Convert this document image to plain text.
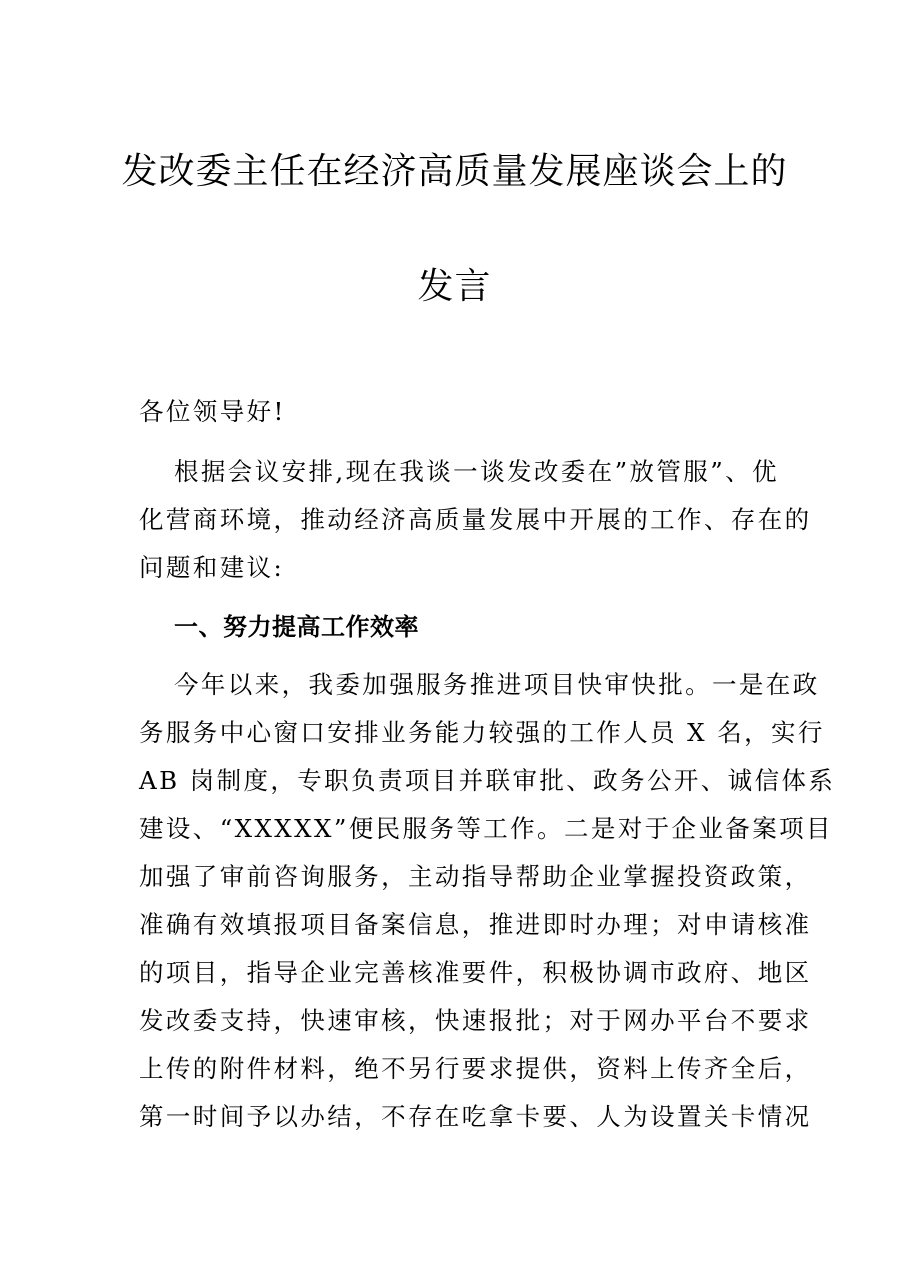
发改委主任在经济高质量发展座谈会上的
发言
各位领导好!
根据会议安排,现在我谈一谈发改委在”放管服”、优
化营商环境，推动经济高质量发展中开展的工作、存在的
问题和建议:
一、努力提高工作效率
今年以来，我委加强服务推进项目快审快批。一是在政
务服务中心窗口安排业务能力较强的工作人员 X 名，实行
AB 岗制度，专职负责项目并联审批、政务公开、诚信体系
建设、“XXXXX”便民服务等工作。二是对于企业备案项目
加强了审前咨询服务，主动指导帮助企业掌握投资政策，
准确有效填报项目备案信息，推进即时办理；对申请核准
的项目，指导企业完善核准要件，积极协调市政府、地区
发改委支持，快速审核，快速报批；对于网办平台不要求
上传的附件材料，绝不另行要求提供，资料上传齐全后，
第一时间予以办结，不存在吃拿卡要、人为设置关卡情况
